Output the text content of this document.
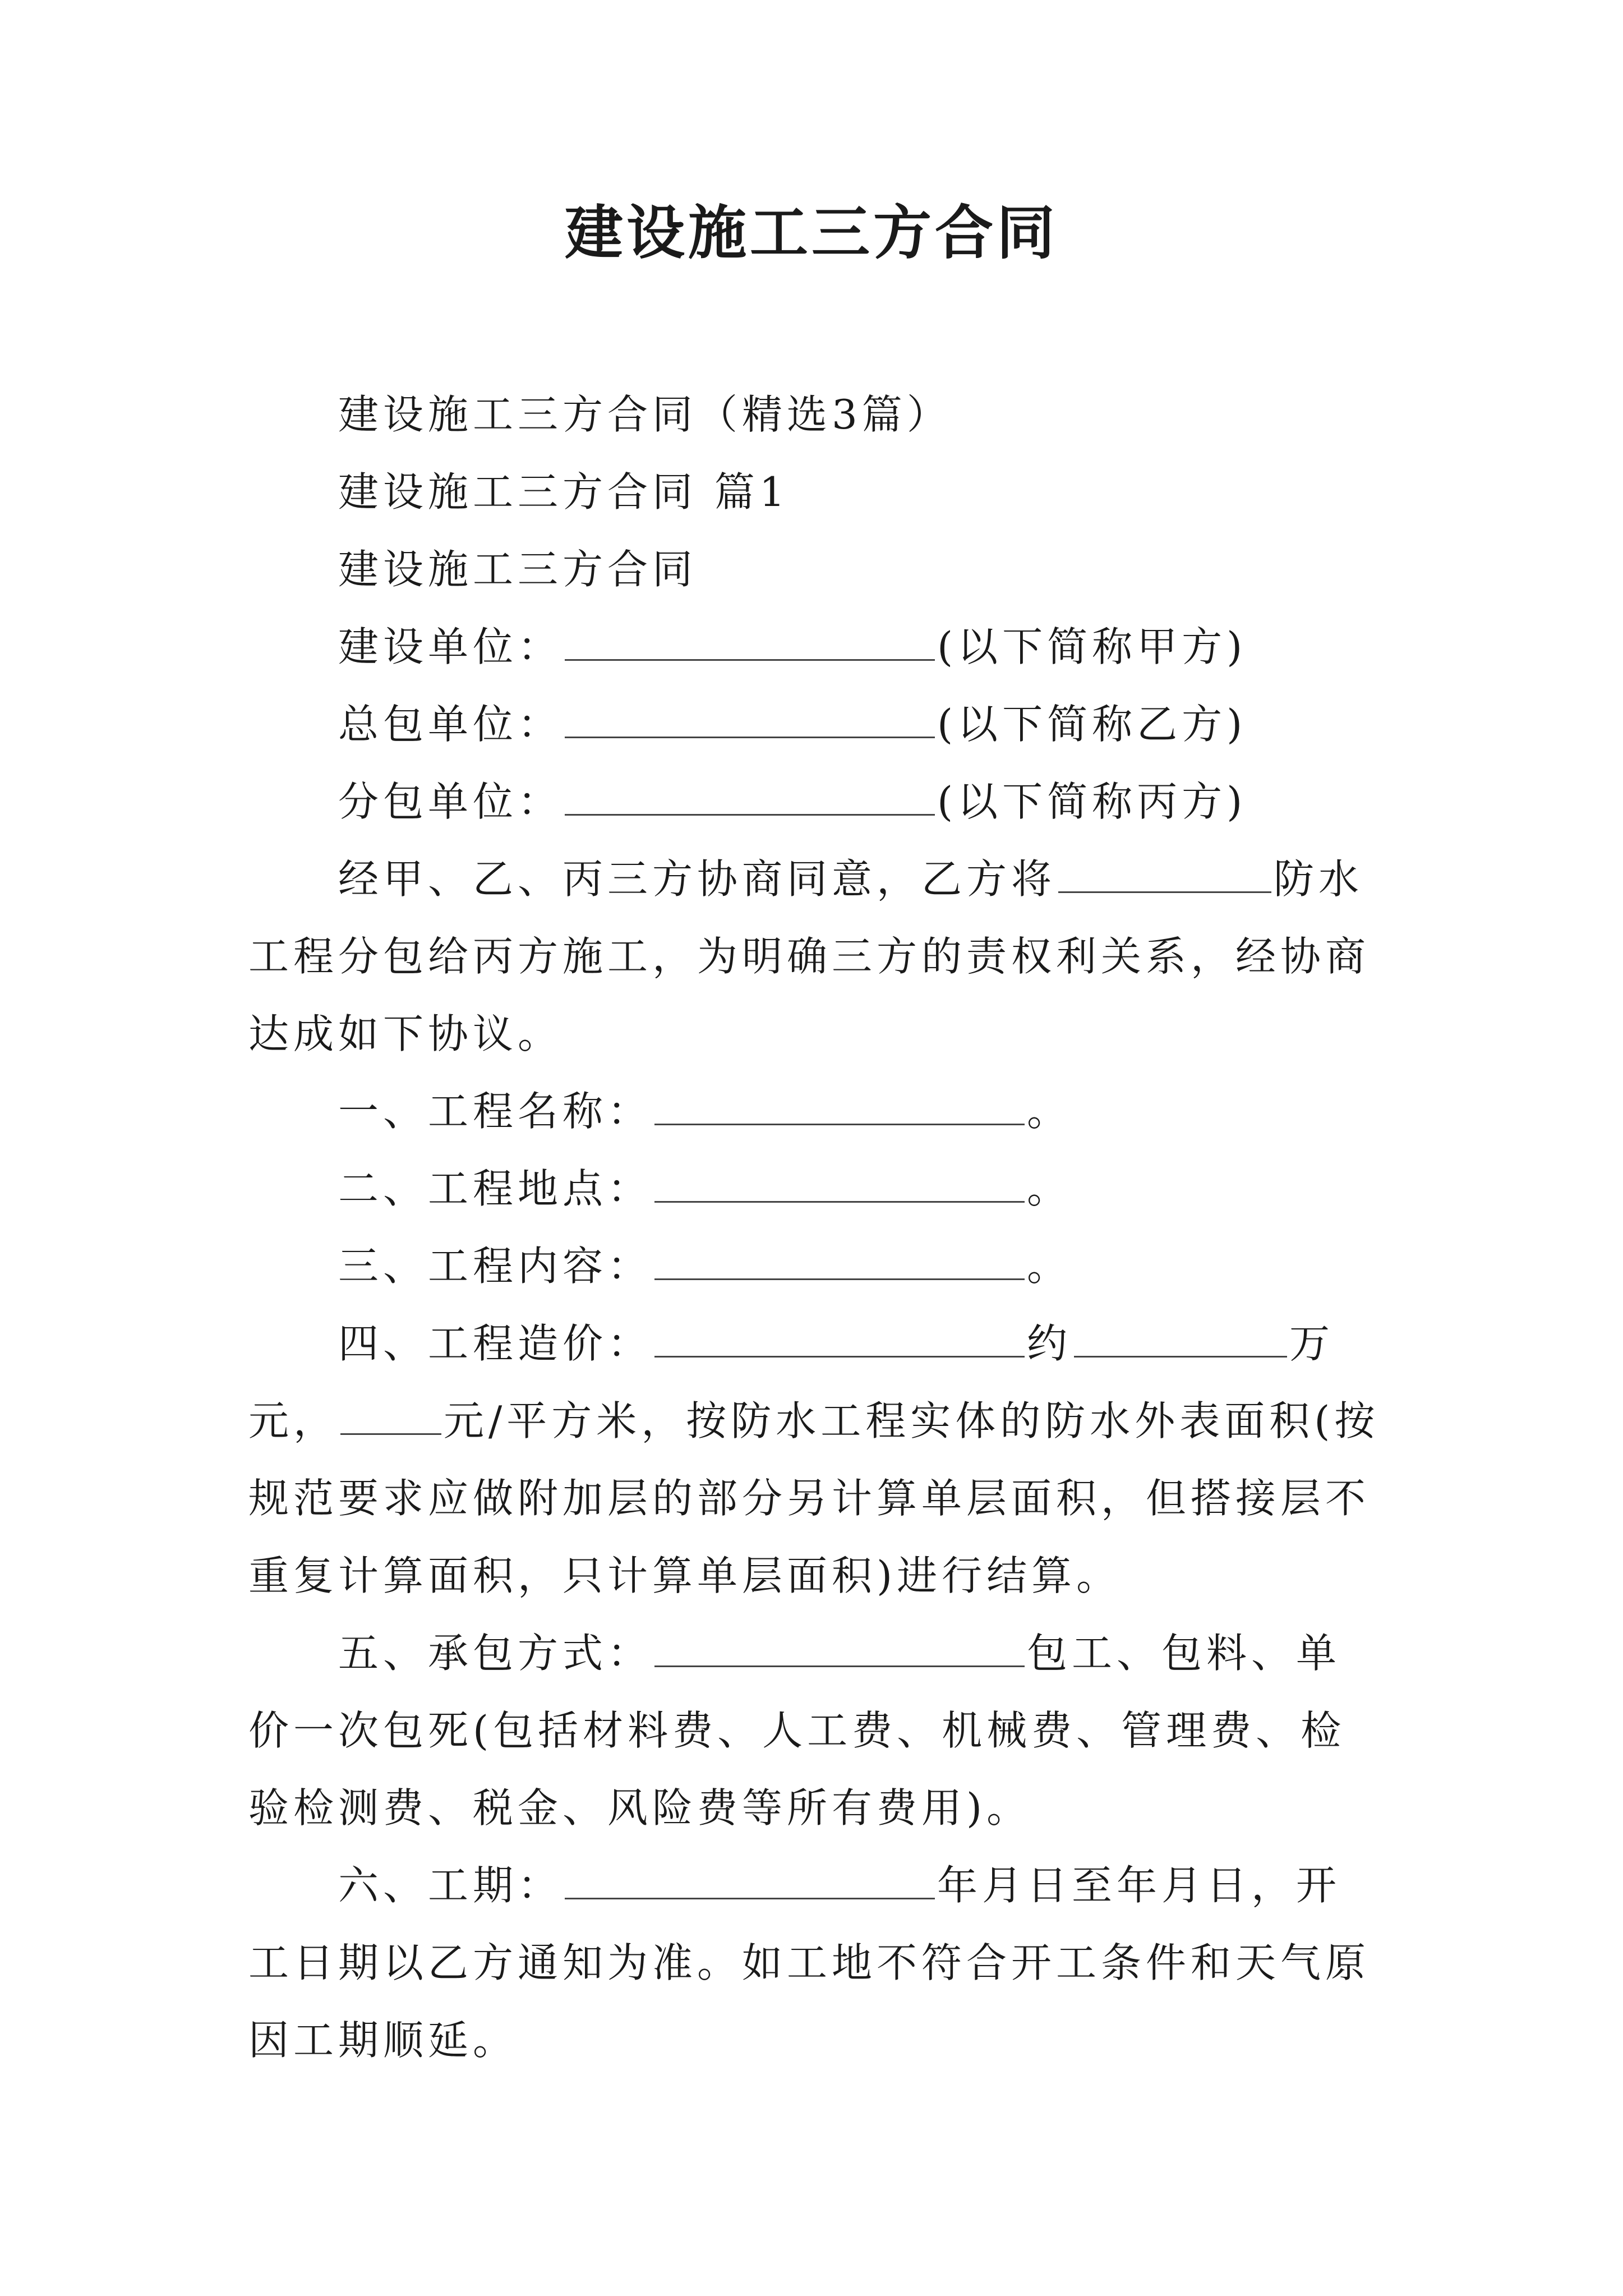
建设施工三方合同

建设施工三方合同（精选3篇）

建设施工三方合同 篇1

建设施工三方合同

建设单位：	(以下简称甲方)

总包单位：	(以下简称乙方)

分包单位：	(以下简称丙方)

经甲、乙、丙三方协商同意，乙方将	防水工程分包给丙方施工，为明确三方的责权利关系，经协商达成如下协议。

一、工程名称：	。

二、工程地点：	。

三、工程内容：	。

四、工程造价：	约	万元，	元/平方米，按防水工程实体的防水外表面积(按规范要求应做附加层的部分另计算单层面积，但搭接层不重复计算面积，只计算单层面积)进行结算。

五、承包方式：	包工、包料、单价一次包死(包括材料费、人工费、机械费、管理费、检验检测费、税金、风险费等所有费用)。

六、工期：	年月日至年月日，开工日期以乙方通知为准。如工地不符合开工条件和天气原因工期顺延。
